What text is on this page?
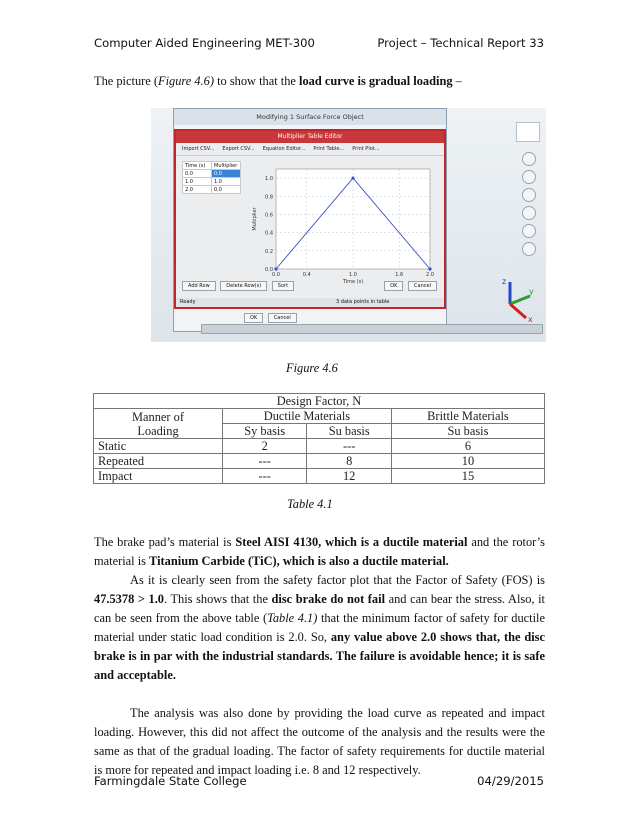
Computer Aided Engineering MET-300	Project – Technical Report 33
The picture (Figure 4.6) to show that the load curve is gradual loading –
z
y
x
Modifying 1 Surface Force Object
Multiplier Table Editor
Import CSV... Export CSV... Equation Editor... Print Table... Print Plot...
Time (s)	Multiplier
0.0	0.0
1.0	1.0
2.0	0.0
0.0
0.2
0.4
0.6
0.8
1.0
0.0	0.4	1.0	1.6	2.0
Time (s)
Multiplier
Add Row	Delete Row(s)	Sort	OK	Cancel
Ready	3 data points in table
OK	Cancel
Figure 4.6
Design Factor, N			

Manner of
Loading	Ductile Materials		Brittle Materials
	Sy basis	Su basis	Su basis
Static	2	---	6
Repeated	---	8	10
Impact	---	12	15
Table 4.1

The brake pad’s material is Steel AISI 4130, which is a ductile material and the rotor’s material is Titanium Carbide (TiC), which is also a ductile material.

As it is clearly seen from the safety factor plot that the Factor of Safety (FOS) is 47.5378 > 1.0. This shows that the disc brake do not fail and can bear the stress. Also, it can be seen from the above table (Table 4.1) that the minimum factor of safety for ductile material under static load condition is 2.0. So, any value above 2.0 shows that, the disc brake is in par with the industrial standards. The failure is avoidable hence; it is safe and acceptable.

The analysis was also done by providing the load curve as repeated and impact loading. However, this did not affect the outcome of the analysis and the results were the same as that of the gradual loading. The factor of safety requirements for ductile material is more for repeated and impact loading i.e. 8 and 12 respectively.

Farmingdale State College	04/29/2015
